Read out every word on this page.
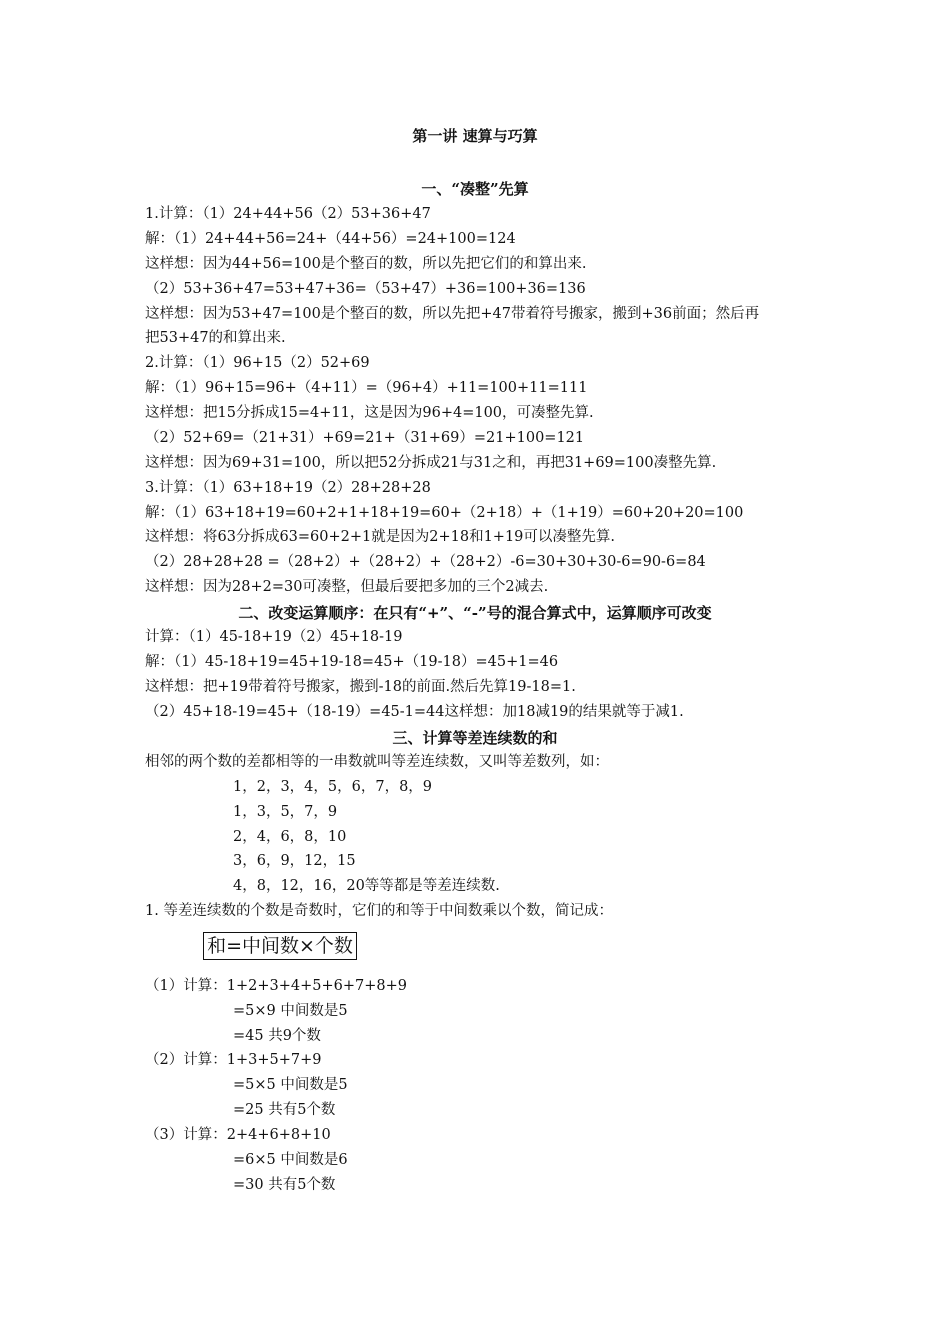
第一讲 速算与巧算
一、“凑整”先算
1.计算：（1）24+44+56（2）53+36+47
解：（1）24+44+56=24+（44+56）=24+100=124
这样想：因为44+56=100是个整百的数，所以先把它们的和算出来.
（2）53+36+47=53+47+36=（53+47）+36=100+36=136
这样想：因为53+47=100是个整百的数，所以先把+47带着符号搬家，搬到+36前面；然后再
把53+47的和算出来.
2.计算：（1）96+15（2）52+69
解：（1）96+15=96+（4+11）=（96+4）+11=100+11=111
这样想：把15分拆成15=4+11，这是因为96+4=100，可凑整先算.
（2）52+69=（21+31）+69=21+（31+69）=21+100=121
这样想：因为69+31=100，所以把52分拆成21与31之和，再把31+69=100凑整先算.
3.计算：（1）63+18+19（2）28+28+28
解：（1）63+18+19=60+2+1+18+19=60+（2+18）+（1+19）=60+20+20=100
这样想：将63分拆成63=60+2+1就是因为2+18和1+19可以凑整先算.
（2）28+28+28 =（28+2）+（28+2）+（28+2）-6=30+30+30-6=90-6=84
这样想：因为28+2=30可凑整，但最后要把多加的三个2减去.
二、改变运算顺序：在只有“+”、“-”号的混合算式中，运算顺序可改变
计算：（1）45-18+19（2）45+18-19
解：（1）45-18+19=45+19-18=45+（19-18）=45+1=46
这样想：把+19带着符号搬家，搬到-18的前面.然后先算19-18=1.
（2）45+18-19=45+（18-19）=45-1=44这样想：加18减19的结果就等于减1.
三、计算等差连续数的和
相邻的两个数的差都相等的一串数就叫等差连续数，又叫等差数列，如：
1，2，3，4，5，6，7，8，9
1，3，5，7，9
2，4，6，8，10
3，6，9，12，15
4，8，12，16，20等等都是等差连续数.
1. 等差连续数的个数是奇数时，它们的和等于中间数乘以个数，简记成：
和=中间数×个数
（1）计算：1+2+3+4+5+6+7+8+9
=5×9 中间数是5
=45 共9个数
（2）计算：1+3+5+7+9
=5×5 中间数是5
=25 共有5个数
（3）计算：2+4+6+8+10
=6×5 中间数是6
=30 共有5个数
